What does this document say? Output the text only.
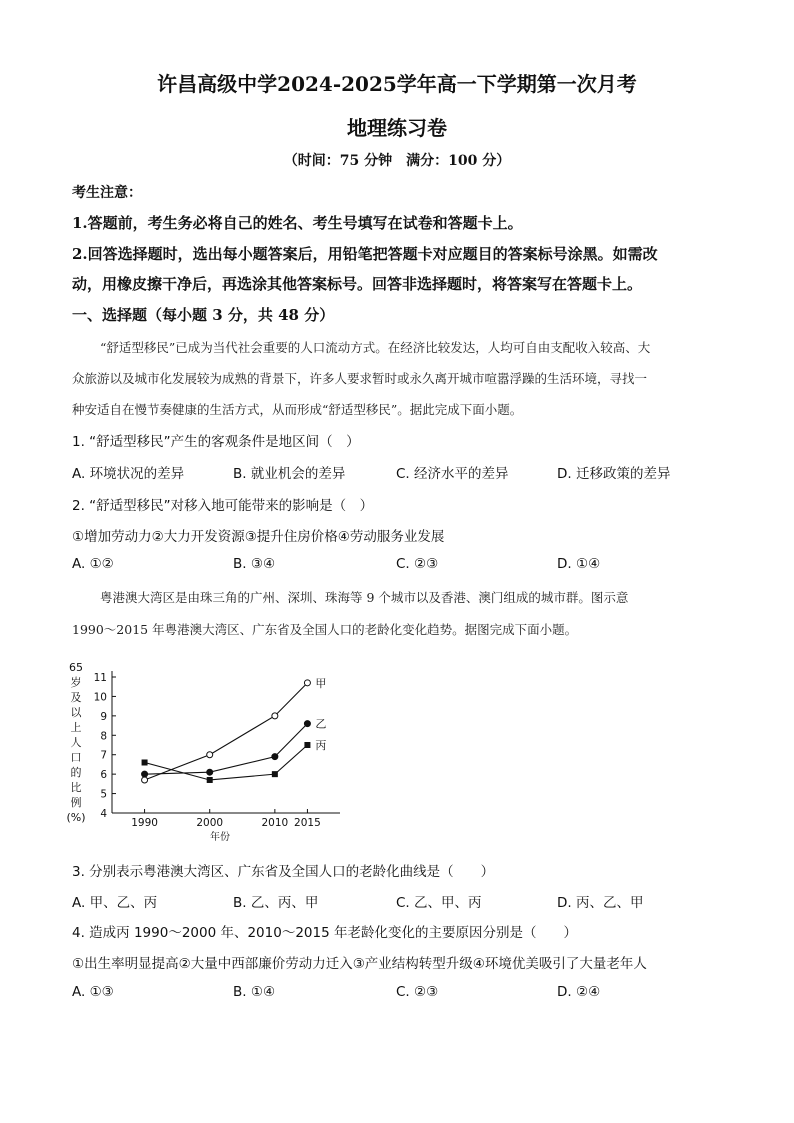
许昌高级中学2024-2025学年高一下学期第一次月考
地理练习卷
（时间：75 分钟　满分：100 分）
考生注意：
1.答题前，考生务必将自己的姓名、考生号填写在试卷和答题卡上。
2.回答选择题时，选出每小题答案后，用铅笔把答题卡对应题目的答案标号涂黑。如需改
动，用橡皮擦干净后，再选涂其他答案标号。回答非选择题时，将答案写在答题卡上。
一、选择题（每小题 3 分，共 48 分）
“舒适型移民”已成为当代社会重要的人口流动方式。在经济比较发达，人均可自由支配收入较高、大
众旅游以及城市化发展较为成熟的背景下，许多人要求暂时或永久离开城市喧嚣浮躁的生活环境，寻找一
种安适自在慢节奏健康的生活方式，从而形成“舒适型移民”。据此完成下面小题。
1. “舒适型移民”产生的客观条件是地区间（　）
A. 环境状况的差异	B. 就业机会的差异	C. 经济水平的差异	D. 迁移政策的差异
2. “舒适型移民”对移入地可能带来的影响是（　）
①增加劳动力②大力开发资源③提升住房价格④劳动服务业发展
A. ①②	B. ③④	C. ②③	D. ①④
粤港澳大湾区是由珠三角的广州、深圳、珠海等 9 个城市以及香港、澳门组成的城市群。图示意
1990～2015 年粤港澳大湾区、广东省及全国人口的老龄化变化趋势。据图完成下面小题。
65
岁
及
以
上
人
口
的
比
例
(%) 4
5
6
7
8
9
10
11
1990	2000	2010 2015
甲
乙
丙
年份
3. 分别表示粤港澳大湾区、广东省及全国人口的老龄化曲线是（　　）
A. 甲、乙、丙	B. 乙、丙、甲	C. 乙、甲、丙	D. 丙、乙、甲
4. 造成丙 1990～2000 年、2010～2015 年老龄化变化的主要原因分别是（　　）
①出生率明显提高②大量中西部廉价劳动力迁入③产业结构转型升级④环境优美吸引了大量老年人
A. ①③	B. ①④	C. ②③	D. ②④
